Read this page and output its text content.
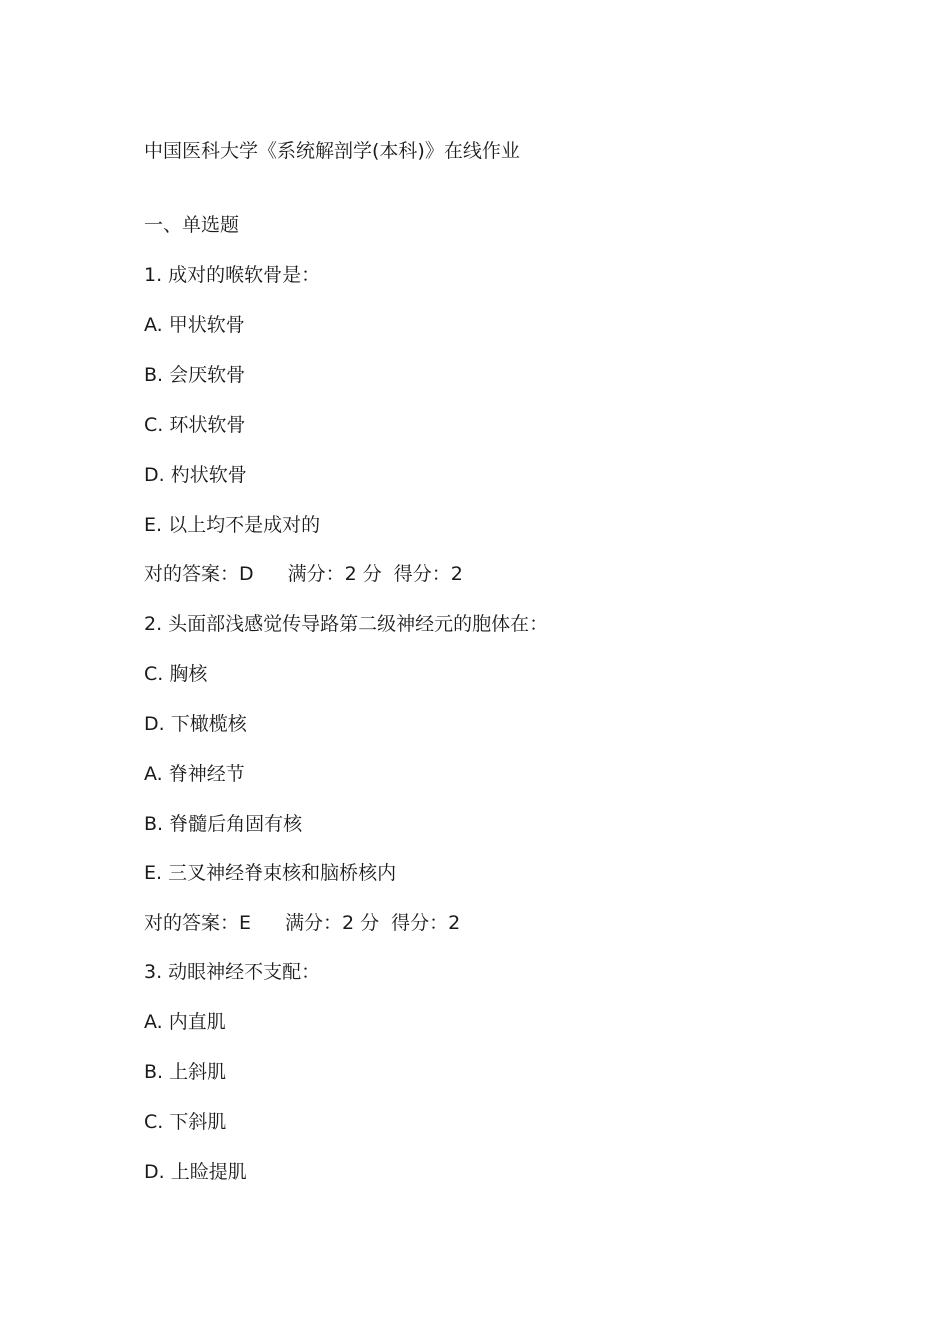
中国医科大学《系统解剖学(本科)》在线作业

一、单选题

1. 成对的喉软骨是：

A. 甲状软骨

B. 会厌软骨

C. 环状软骨

D. 杓状软骨

E. 以上均不是成对的

对的答案：D 满分：2 分 得分：2

2. 头面部浅感觉传导路第二级神经元的胞体在：

C. 胸核

D. 下橄榄核

A. 脊神经节

B. 脊髓后角固有核

E. 三叉神经脊束核和脑桥核内

对的答案：E 满分：2 分 得分：2

3. 动眼神经不支配：

A. 内直肌

B. 上斜肌

C. 下斜肌

D. 上睑提肌
